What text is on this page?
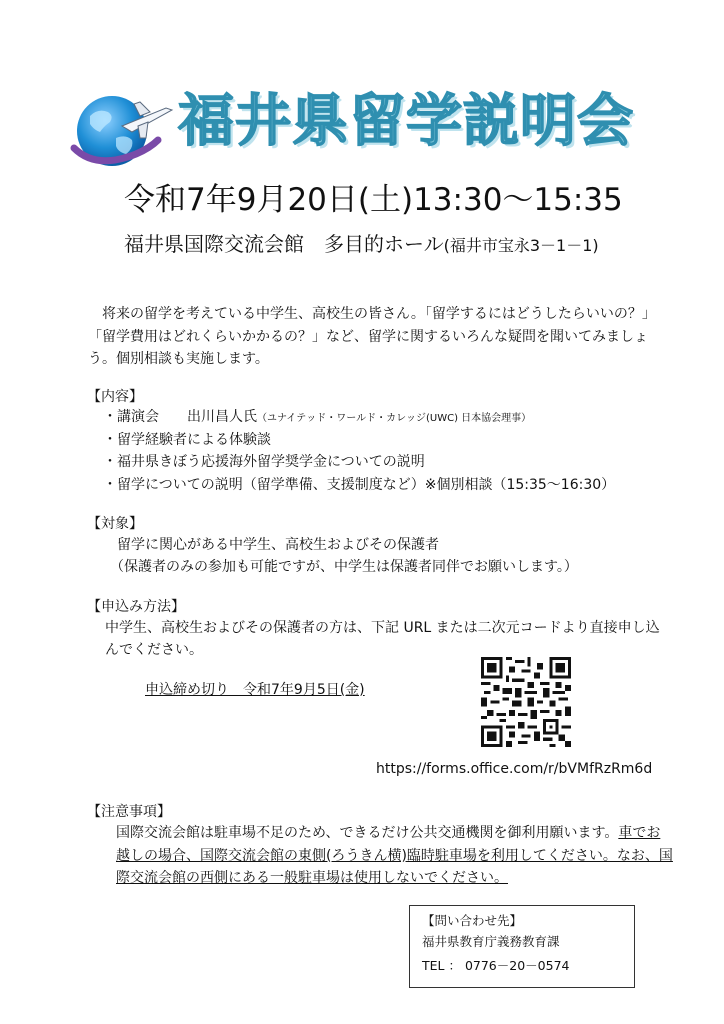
福井県留学説明会
令和7年9月20日(土)13:30～15:35
福井県国際交流会館　多目的ホール(福井市宝永3－1－1)
将来の留学を考えている中学生、高校生の皆さん。「留学するにはどうしたらいいの？」「留学費用はどれくらいかかるの？」など、留学に関するいろんな疑問を聞いてみましょう。個別相談も実施します。
【内容】
・講演会　　出川昌人氏（ユナイテッド・ワールド・カレッジ(UWC) 日本協会理事）
・留学経験者による体験談
・福井県きぼう応援海外留学奨学金についての説明
・留学についての説明（留学準備、支援制度など）※個別相談（15:35～16:30）
【対象】
留学に関心がある中学生、高校生およびその保護者
（保護者のみの参加も可能ですが、中学生は保護者同伴でお願いします。）
【申込み方法】
中学生、高校生およびその保護者の方は、下記 URL または二次元コードより直接申し込
んでください。
申込締め切り　令和7年9月5日(金)
https://forms.office.com/r/bVMfRzRm6d
【注意事項】
国際交流会館は駐車場不足のため、できるだけ公共交通機関を御利用願います。車でお
越しの場合、国際交流会館の東側(ろうきん横)臨時駐車場を利用してください。なお、国
際交流会館の西側にある一般駐車場は使用しないでください。
【問い合わせ先】
福井県教育庁義務教育課
TEL ： 0776－20－0574
